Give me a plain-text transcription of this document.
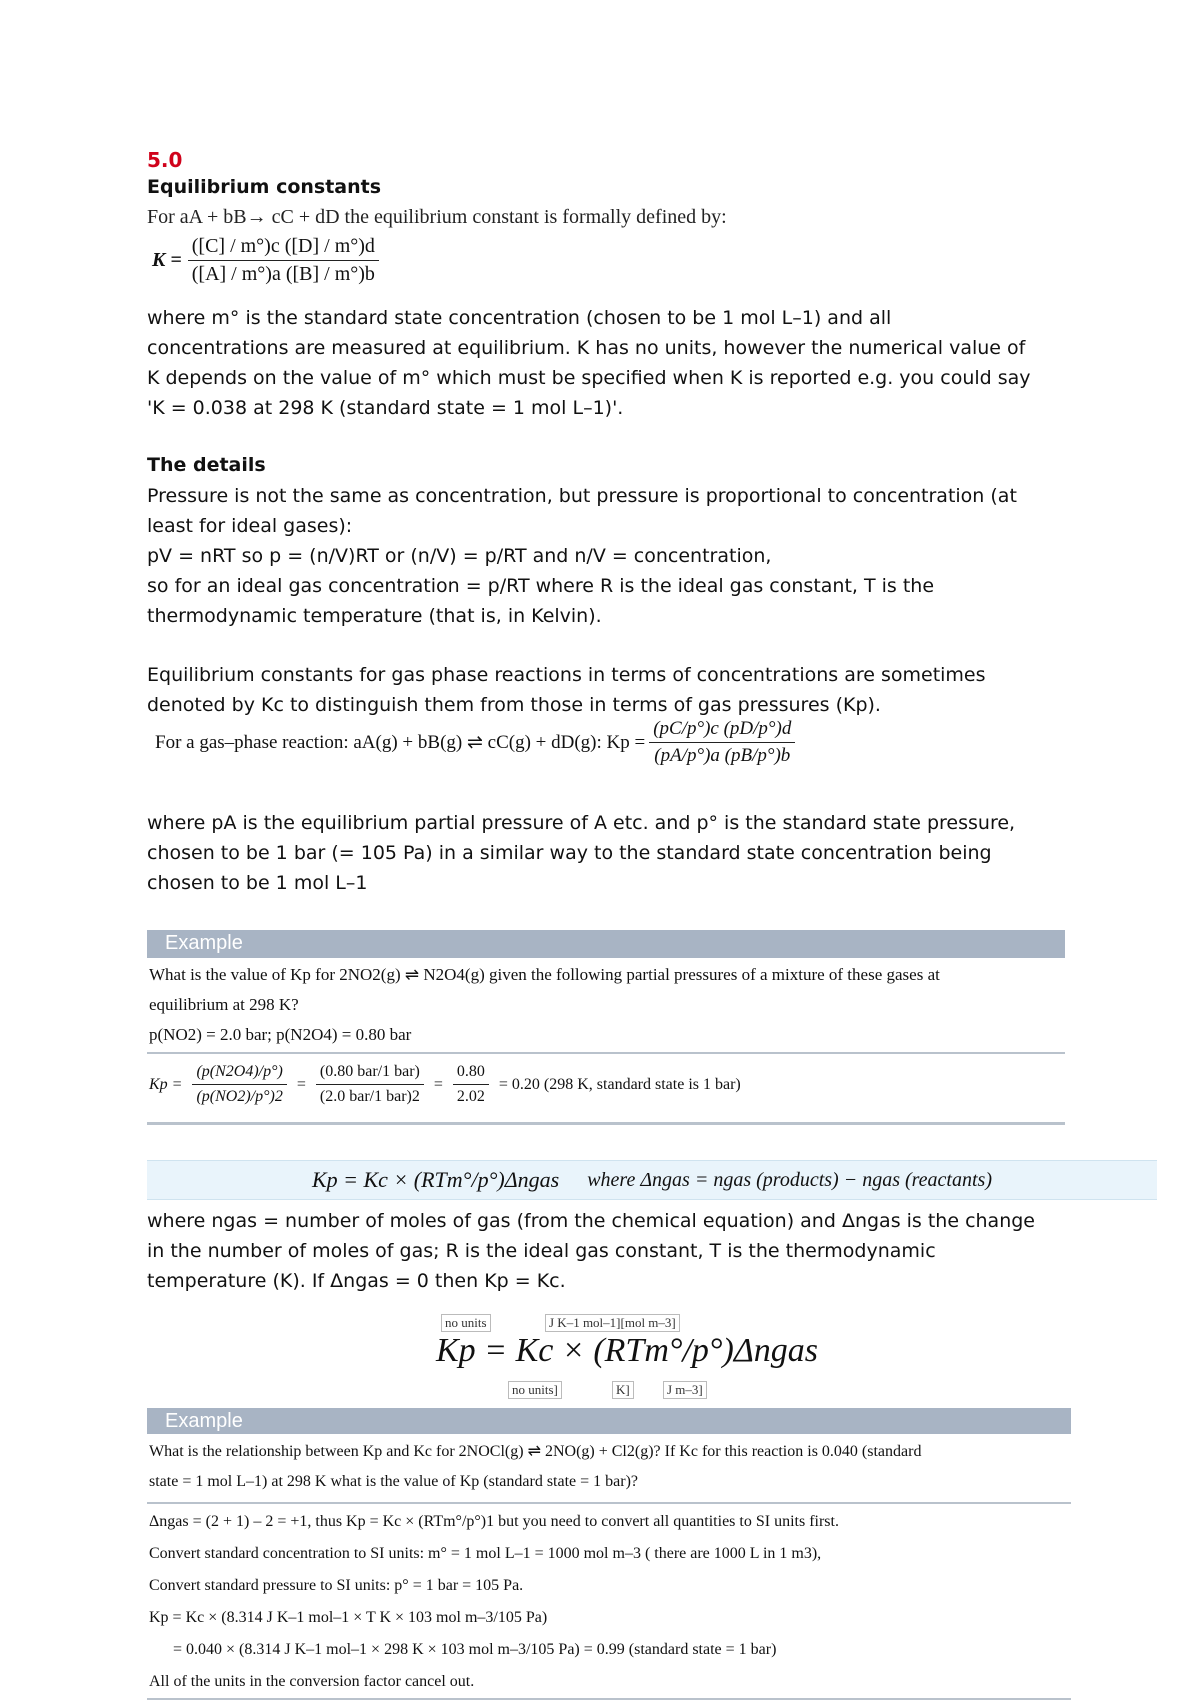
5.0
Equilibrium constants
For aA + bB→ cC + dD the equilibrium constant is formally defined by:
$K = \frac{([C] / m^\circ)c ([D] / m^\circ)d}{([A] / m^\circ)a ([B] / m^\circ)b}$
where m° is the standard state concentration (chosen to be 1 mol L–1) and all
concentrations are measured at equilibrium. K has no units, however the numerical value of
K depends on the value of m° which must be specified when K is reported e.g. you could say
'K = 0.038 at 298 K (standard state = 1 mol L–1)'.
The details
Pressure is not the same as concentration, but pressure is proportional to concentration (at
least for ideal gases):
pV = nRT so p = (n/V)RT or (n/V) = p/RT and n/V = concentration,
so for an ideal gas concentration = p/RT where R is the ideal gas constant, T is the
thermodynamic temperature (that is, in Kelvin).
Equilibrium constants for gas phase reactions in terms of concentrations are sometimes
denoted by Kc to distinguish them from those in terms of gas pressures (Kp).
For a gas–phase reaction: aA(g) + bB(g) ⇌ cC(g) + dD(g): $Kp = \frac{(pC/p^\circ)c (pD/p^\circ)d}{(pA/p^\circ)a (pB/p^\circ)b}$
where pA is the equilibrium partial pressure of A etc. and p° is the standard state pressure,
chosen to be 1 bar (= 105 Pa) in a similar way to the standard state concentration being
chosen to be 1 mol L–1
Example
What is the value of Kp for 2NO2(g) ⇌ N2O4(g) given the following partial pressures of a mixture of these gases at
equilibrium at 298 K?
p(NO2) = 2.0 bar; p(N2O4) = 0.80 bar
$Kp = \frac{(p(N2O4)/p^\circ)}{(p(NO2)/p^\circ)2} = \frac{\text{(0.80 bar/1 bar)}}{\text{(2.0 bar/1 bar)2}} = \frac{0.80}{2.02} = 0.20$ (298 K, standard state is 1 bar)
Kp = Kc × (RTm°/p°)Δngas where Δngas = ngas (products) − ngas (reactants)
where ngas = number of moles of gas (from the chemical equation) and Δngas is the change
in the number of moles of gas; R is the ideal gas constant, T is the thermodynamic
temperature (K). If Δngas = 0 then Kp = Kc.
no units	J K–1 mol–1][mol m–3]
Kp = Kc × (RTm°/p°)Δngas
no units]	K]	J m–3]
Example
What is the relationship between Kp and Kc for 2NOCl(g) ⇌ 2NO(g) + Cl2(g)? If Kc for this reaction is 0.040 (standard
state = 1 mol L–1) at 298 K what is the value of Kp (standard state = 1 bar)?
Δngas = (2 + 1) – 2 = +1, thus Kp = Kc × (RTm°/p°)1 but you need to convert all quantities to SI units first.
Convert standard concentration to SI units: m° = 1 mol L–1 = 1000 mol m–3 ( there are 1000 L in 1 m3),
Convert standard pressure to SI units: p° = 1 bar = 105 Pa.
Kp = Kc × (8.314 J K–1 mol–1 × T K × 103 mol m–3/105 Pa)
= 0.040 × (8.314 J K–1 mol–1 × 298 K × 103 mol m–3/105 Pa) = 0.99 (standard state = 1 bar)
All of the units in the conversion factor cancel out.
